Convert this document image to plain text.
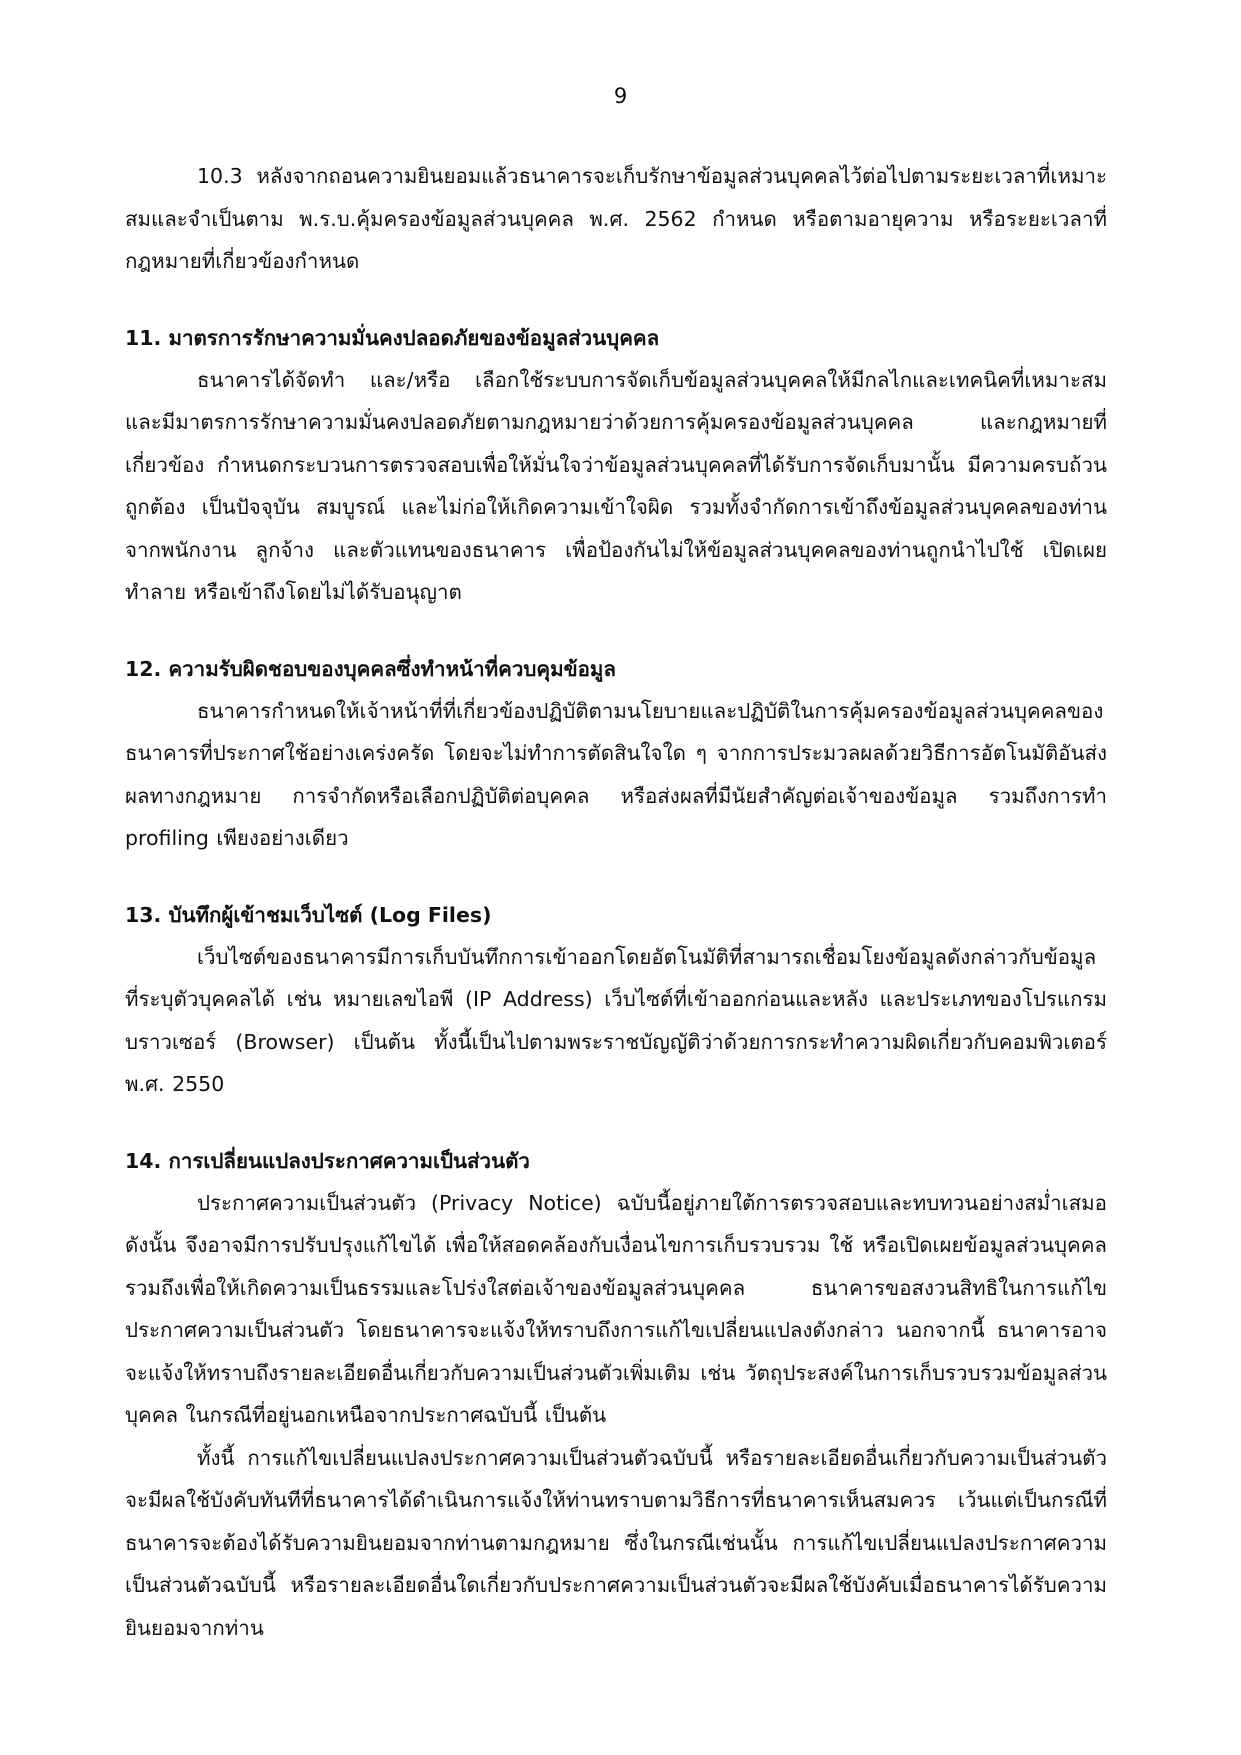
9

10.3 หลังจากถอนความยินยอมแล้วธนาคารจะเก็บรักษาข้อมูลส่วนบุคคลไว้ต่อไปตามระยะเวลาที่เหมาะสมและจำเป็นตาม พ.ร.บ.คุ้มครองข้อมูลส่วนบุคคล พ.ศ. 2562 กำหนด หรือตามอายุความ หรือระยะเวลาที่กฎหมายที่เกี่ยวข้องกำหนด

11. มาตรการรักษาความมั่นคงปลอดภัยของข้อมูลส่วนบุคคล

ธนาคารได้จัดทำ และ/หรือ เลือกใช้ระบบการจัดเก็บข้อมูลส่วนบุคคลให้มีกลไกและเทคนิคที่เหมาะสมและมีมาตรการรักษาความมั่นคงปลอดภัยตามกฎหมายว่าด้วยการคุ้มครองข้อมูลส่วนบุคคล และกฎหมายที่เกี่ยวข้อง กำหนดกระบวนการตรวจสอบเพื่อให้มั่นใจว่าข้อมูลส่วนบุคคลที่ได้รับการจัดเก็บมานั้น มีความครบถ้วน ถูกต้อง เป็นปัจจุบัน สมบูรณ์ และไม่ก่อให้เกิดความเข้าใจผิด รวมทั้งจำกัดการเข้าถึงข้อมูลส่วนบุคคลของท่านจากพนักงาน ลูกจ้าง และตัวแทนของธนาคาร เพื่อป้องกันไม่ให้ข้อมูลส่วนบุคคลของท่านถูกนำไปใช้ เปิดเผย ทำลาย หรือเข้าถึงโดยไม่ได้รับอนุญาต

12. ความรับผิดชอบของบุคคลซึ่งทำหน้าที่ควบคุมข้อมูล

ธนาคารกำหนดให้เจ้าหน้าที่ที่เกี่ยวข้องปฏิบัติตามนโยบายและปฏิบัติในการคุ้มครองข้อมูลส่วนบุคคลของธนาคารที่ประกาศใช้อย่างเคร่งครัด โดยจะไม่ทำการตัดสินใจใด ๆ จากการประมวลผลด้วยวิธีการอัตโนมัติอันส่งผลทางกฎหมาย การจำกัดหรือเลือกปฏิบัติต่อบุคคล หรือส่งผลที่มีนัยสำคัญต่อเจ้าของข้อมูล รวมถึงการทำ profiling เพียงอย่างเดียว

13. บันทึกผู้เข้าชมเว็บไซต์ (Log Files)

เว็บไซต์ของธนาคารมีการเก็บบันทึกการเข้าออกโดยอัตโนมัติที่สามารถเชื่อมโยงข้อมูลดังกล่าวกับข้อมูลที่ระบุตัวบุคคลได้ เช่น หมายเลขไอพี (IP Address) เว็บไซต์ที่เข้าออกก่อนและหลัง และประเภทของโปรแกรมบราวเซอร์ (Browser) เป็นต้น ทั้งนี้เป็นไปตามพระราชบัญญัติว่าด้วยการกระทำความผิดเกี่ยวกับคอมพิวเตอร์ พ.ศ. 2550

14. การเปลี่ยนแปลงประกาศความเป็นส่วนตัว

ประกาศความเป็นส่วนตัว (Privacy Notice) ฉบับนี้อยู่ภายใต้การตรวจสอบและทบทวนอย่างสม่ำเสมอ ดังนั้น จึงอาจมีการปรับปรุงแก้ไขได้ เพื่อให้สอดคล้องกับเงื่อนไขการเก็บรวบรวม ใช้ หรือเปิดเผยข้อมูลส่วนบุคคล รวมถึงเพื่อให้เกิดความเป็นธรรมและโปร่งใสต่อเจ้าของข้อมูลส่วนบุคคล ธนาคารขอสงวนสิทธิในการแก้ไขประกาศความเป็นส่วนตัว โดยธนาคารจะแจ้งให้ทราบถึงการแก้ไขเปลี่ยนแปลงดังกล่าว นอกจากนี้ ธนาคารอาจจะแจ้งให้ทราบถึงรายละเอียดอื่นเกี่ยวกับความเป็นส่วนตัวเพิ่มเติม เช่น วัตถุประสงค์ในการเก็บรวบรวมข้อมูลส่วนบุคคล ในกรณีที่อยู่นอกเหนือจากประกาศฉบับนี้ เป็นต้น

ทั้งนี้ การแก้ไขเปลี่ยนแปลงประกาศความเป็นส่วนตัวฉบับนี้ หรือรายละเอียดอื่นเกี่ยวกับความเป็นส่วนตัวจะมีผลใช้บังคับทันทีที่ธนาคารได้ดำเนินการแจ้งให้ท่านทราบตามวิธีการที่ธนาคารเห็นสมควร เว้นแต่เป็นกรณีที่ธนาคารจะต้องได้รับความยินยอมจากท่านตามกฎหมาย ซึ่งในกรณีเช่นนั้น การแก้ไขเปลี่ยนแปลงประกาศความเป็นส่วนตัวฉบับนี้ หรือรายละเอียดอื่นใดเกี่ยวกับประกาศความเป็นส่วนตัวจะมีผลใช้บังคับเมื่อธนาคารได้รับความยินยอมจากท่าน
